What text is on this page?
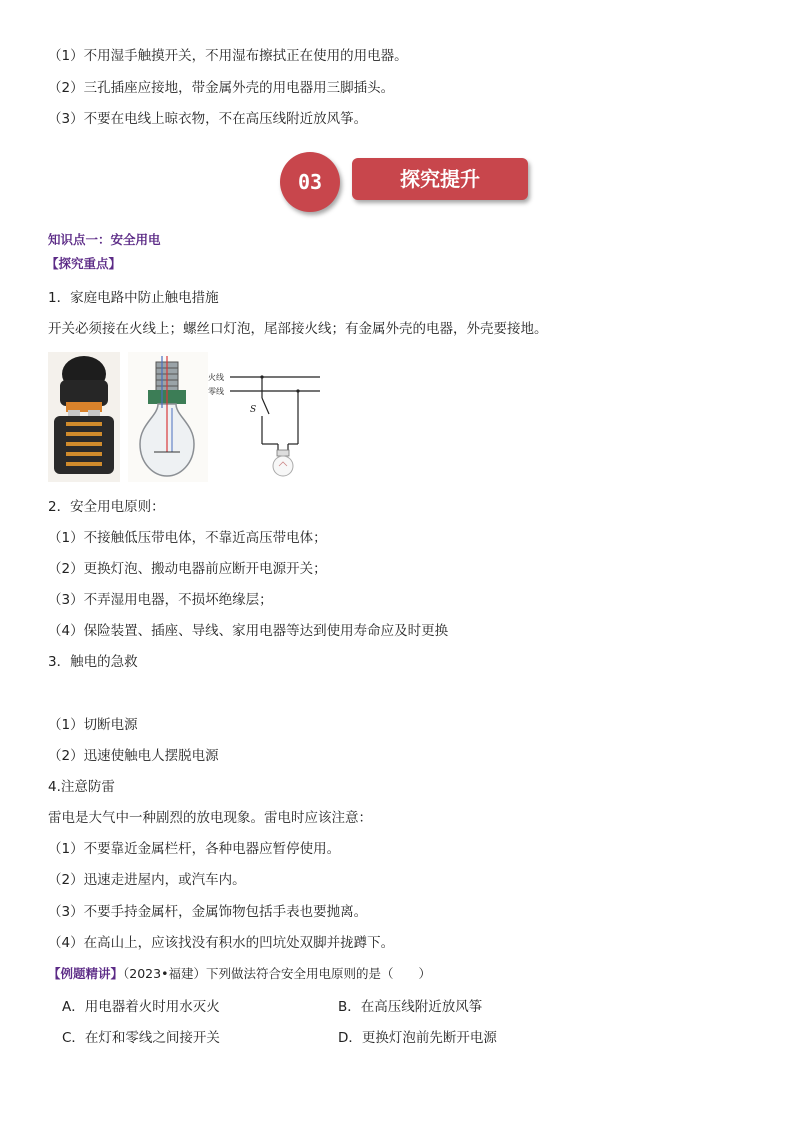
（1）不用湿手触摸开关，不用湿布擦拭正在使用的用电器。
（2）三孔插座应接地，带金属外壳的用电器用三脚插头。
（3）不要在电线上晾衣物，不在高压线附近放风筝。
03	探究提升
知识点一：安全用电
【探究重点】
1．家庭电路中防止触电措施
开关必须接在火线上；螺丝口灯泡，尾部接火线；有金属外壳的电器，外壳要接地。
火线
零线
S
2．安全用电原则：
（1）不接触低压带电体，不靠近高压带电体；
（2）更换灯泡、搬动电器前应断开电源开关；
（3）不弄湿用电器，不损坏绝缘层；
（4）保险装置、插座、导线、家用电器等达到使用寿命应及时更换
3．触电的急救
（1）切断电源
（2）迅速使触电人摆脱电源
4.注意防雷
雷电是大气中一种剧烈的放电现象。雷电时应该注意：
（1）不要靠近金属栏杆，各种电器应暂停使用。
（2）迅速走进屋内，或汽车内。
（3）不要手持金属杆，金属饰物包括手表也要抛离。
（4）在高山上，应该找没有积水的凹坑处双脚并拢蹲下。
【例题精讲】（2023•福建）下列做法符合安全用电原则的是（　　）
A．用电器着火时用水灭火	B．在高压线附近放风筝
C．在灯和零线之间接开关	D．更换灯泡前先断开电源
